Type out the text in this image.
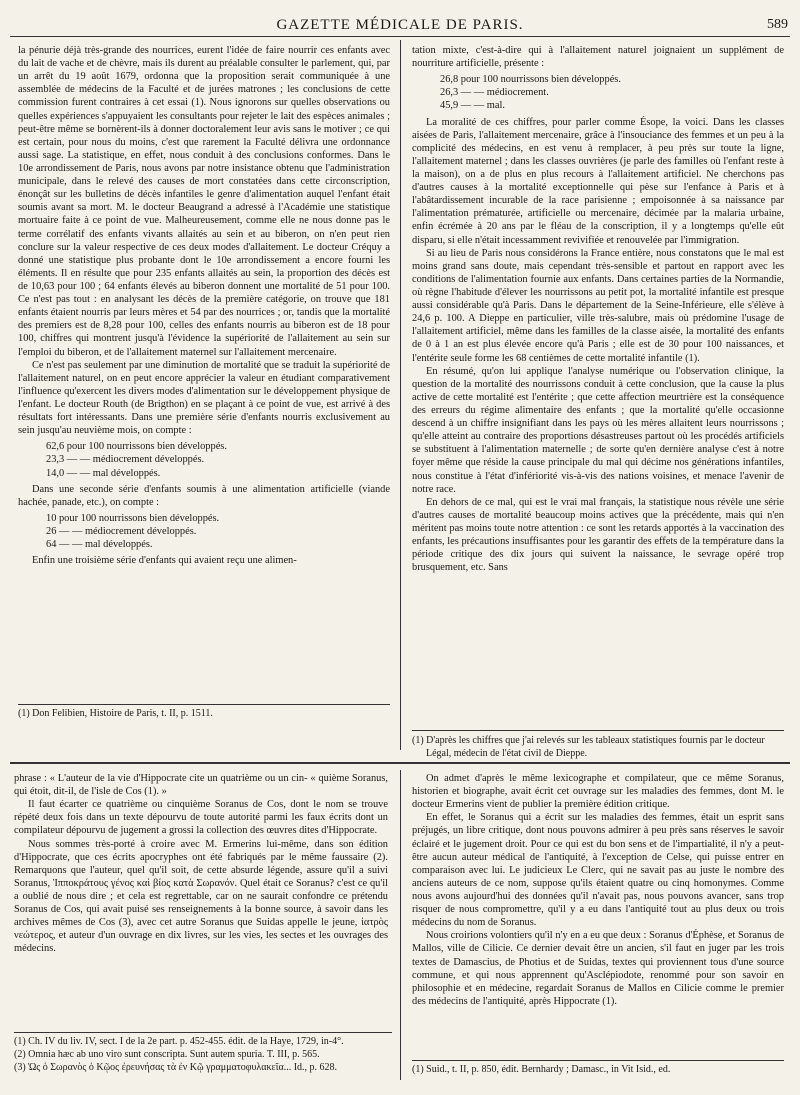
GAZETTE MÉDICALE DE PARIS.	589

la pénurie déjà très-grande des nourrices, eurent l'idée de faire nourrir ces enfants avec du lait de vache et de chèvre, mais ils durent au préalable consulter le parlement, qui, par un arrêt du 19 août 1679, ordonna que la proposition serait communiquée à une assemblée de médecins de la Faculté et de jurées matrones ; les conclusions de cette commission furent contraires à cet essai (1). Nous ignorons sur quelles observations ou quelles expériences s'appuyaient les consultants pour rejeter le lait des espèces animales ; peut-être même se bornèrent-ils à donner doctoralement leur avis sans le motiver ; ce qui est certain, pour nous du moins, c'est que rarement la Faculté délivra une ordonnance aussi sage. La statistique, en effet, nous conduit à des conclusions conformes. Dans le 10e arrondissement de Paris, nous avons par notre insistance obtenu que l'administration municipale, dans le relevé des causes de mort constatées dans cette circonscription, énonçât sur les bulletins de décès infantiles le genre d'alimentation auquel l'enfant était soumis avant sa mort. M. le docteur Beaugrand a adressé à l'Académie une statistique mortuaire faite à ce point de vue. Malheureusement, comme elle ne nous donne pas le terme corrélatif des enfants vivants allaités au sein et au biberon, on n'en peut rien conclure sur la valeur respective de ces deux modes d'allaitement. Le docteur Créquy a donné une statistique plus probante dont le 10e arrondissement a encore fourni les éléments. Il en résulte que pour 235 enfants allaités au sein, la proportion des décès est de 10,63 pour 100 ; 64 enfants élevés au biberon donnent une mortalité de 51 pour 100. Ce n'est pas tout : en analysant les décès de la première catégorie, on trouve que 181 enfants étaient nourris par leurs mères et 54 par des nourrices ; or, tandis que la mortalité des premiers est de 8,28 pour 100, celles des enfants nourris au biberon est de 18 pour 100, chiffres qui montrent jusqu'à l'évidence la supériorité de l'allaitement au sein sur l'emploi du biberon, et de l'allaitement maternel sur l'allaitement mercenaire.

Ce n'est pas seulement par une diminution de mortalité que se traduit la supériorité de l'allaitement naturel, on en peut encore apprécier la valeur en étudiant comparativement l'influence qu'exercent les divers modes d'alimentation sur le développement physique de l'enfant. Le docteur Routh (de Brigthon) en se plaçant à ce point de vue, est arrivé à des résultats fort intéressants. Dans une première série d'enfants nourris exclusivement au sein jusqu'au neuvième mois, on compte :

62,6 pour 100 nourrissons bien développés.
23,3 — — médiocrement développés.
14,0 — — mal développés.

Dans une seconde série d'enfants soumis à une alimentation artificielle (viande hachée, panade, etc.), on compte :

10 pour 100 nourrissons bien développés.
26 — — médiocrement développés.
64 — — mal développés.

Enfin une troisième série d'enfants qui avaient reçu une alimen-

tation mixte, c'est-à-dire qui à l'allaitement naturel joignaient un supplément de nourriture artificielle, présente :

26,8 pour 100 nourrissons bien développés.
26,3 — — médiocrement.
45,9 — — mal.

La moralité de ces chiffres, pour parler comme Ésope, la voici. Dans les classes aisées de Paris, l'allaitement mercenaire, grâce à l'insouciance des femmes et un peu à la complicité des médecins, en est venu à remplacer, à peu près sur toute la ligne, l'allaitement maternel ; dans les classes ouvrières (je parle des familles où l'enfant reste à la maison), on a de plus en plus recours à l'allaitement artificiel. Ne cherchons pas d'autres causes à la mortalité exceptionnelle qui pèse sur l'enfance à Paris et à l'abâtardissement incurable de la race parisienne ; empoisonnée à sa naissance par l'alimentation prématurée, artificielle ou mercenaire, décimée par la malaria urbaine, enfin écrémée à 20 ans par le fléau de la conscription, il y a longtemps qu'elle eût disparu, si elle n'était incessamment revivifiée et renouvelée par l'immigration.

Si au lieu de Paris nous considérons la France entière, nous constatons que le mal est moins grand sans doute, mais cependant très-sensible et partout en rapport avec les conditions de l'alimentation fournie aux enfants. Dans certaines parties de la Normandie, où règne l'habitude d'élever les nourrissons au petit pot, la mortalité infantile est presque aussi considérable qu'à Paris. Dans le département de la Seine-Inférieure, elle s'élève à 24,6 p. 100. A Dieppe en particulier, ville très-salubre, mais où prédomine l'usage de l'allaitement artificiel, même dans les familles de la classe aisée, la mortalité des enfants de 0 à 1 an est plus élevée encore qu'à Paris ; elle est de 30 pour 100 naissances, et l'entérite seule forme les 68 centièmes de cette mortalité infantile (1).

En résumé, qu'on lui applique l'analyse numérique ou l'observation clinique, la question de la mortalité des nourrissons conduit à cette conclusion, que la cause la plus active de cette mortalité est l'entérite ; que cette affection meurtrière est la conséquence des erreurs du régime alimentaire des enfants ; que la mortalité qu'elle occasionne descend à un chiffre insignifiant dans les pays où les mères allaitent leurs nourrissons ; qu'elle atteint au contraire des proportions désastreuses partout où les procédés artificiels se substituent à l'alimentation maternelle ; de sorte qu'en dernière analyse c'est à notre foyer même que réside la cause principale du mal qui décime nos générations infantiles, nous constitue à l'état d'infériorité vis-à-vis des nations voisines, et menace l'avenir de notre race.

En dehors de ce mal, qui est le vrai mal français, la statistique nous révèle une série d'autres causes de mortalité beaucoup moins actives que la précédente, mais qui n'en méritent pas moins toute notre attention : ce sont les retards apportés à la vaccination des enfants, les précautions insuffisantes pour les garantir des effets de la température dans la période critique des dix jours qui suivent la naissance, le sevrage opéré trop brusquement, etc. Sans

(1) Don Felibien, Histoire de Paris, t. II, p. 1511.

(1) D'après les chiffres que j'ai relevés sur les tableaux statistiques fournis par le docteur Légal, médecin de l'état civil de Dieppe.

phrase : « L'auteur de la vie d'Hippocrate cite un quatrième ou un cin- « quième Soranus, qui étoit, dit-il, de l'isle de Cos (1). »

Il faut écarter ce quatrième ou cinquième Soranus de Cos, dont le nom se trouve répété deux fois dans un texte dépourvu de toute autorité parmi les faux écrits dont un compilateur dépourvu de jugement a grossi la collection des œuvres dites d'Hippocrate.

Nous sommes très-porté à croire avec M. Ermerins lui-même, dans son édition d'Hippocrate, que ces écrits apocryphes ont été fabriqués par le même faussaire (2). Remarquons que l'auteur, quel qu'il soit, de cette absurde légende, assure qu'il a suivi Soranus, Ἱπποκράτους γένος καὶ βίος κατὰ Σωρανόν. Quel était ce Soranus? c'est ce qu'il a oublié de nous dire ; et cela est regrettable, car on ne saurait confondre ce prétendu Soranus de Cos, qui avait puisé ses renseignements à la bonne source, à savoir dans les archives mêmes de Cos (3), avec cet autre Soranus que Suidas appelle le jeune, ἰατρὸς νεώτερος, et auteur d'un ouvrage en dix livres, sur les vies, les sectes et les ouvrages des médecins.

On admet d'après le même lexicographe et compilateur, que ce même Soranus, historien et biographe, avait écrit cet ouvrage sur les maladies des femmes, dont M. le docteur Ermerins vient de publier la première édition critique.

En effet, le Soranus qui a écrit sur les maladies des femmes, était un esprit sans préjugés, un libre critique, dont nous pouvons admirer à peu près sans réserves le savoir éclairé et le jugement droit. Pour ce qui est du bon sens et de l'impartialité, il n'y a peut-être aucun auteur médical de l'antiquité, à l'exception de Celse, qui puisse entrer en comparaison avec lui. Le judicieux Le Clerc, qui ne savait pas au juste le nombre des anciens auteurs de ce nom, suppose qu'ils étaient quatre ou cinq homonymes. Comme nous avons aujourd'hui des données qu'il n'avait pas, nous pouvons avancer, sans trop risquer de nous compromettre, qu'il y a eu dans l'antiquité tout au plus deux ou trois médecins du nom de Soranus.

Nous croirions volontiers qu'il n'y en a eu que deux : Soranus d'Éphèse, et Soranus de Mallos, ville de Cilicie. Ce dernier devait être un ancien, s'il faut en juger par les trois textes de Damascius, de Photius et de Suidas, textes qui proviennent tous d'une source commune, et qui nous apprennent qu'Asclépiodote, renommé pour son savoir en philosophie et en médecine, regardait Soranus de Mallos en Cilicie comme le premier des médecins de l'antiquité, après Hippocrate (1).

(1) Ch. IV du liv. IV, sect. I de la 2e part. p. 452-455. édit. de la Haye, 1729, in-4°.

(2) Omnia hæc ab uno viro sunt conscripta. Sunt autem spuria. T. III, p. 565.

(3) Ὡς ὁ Σωρανὸς ὁ Κῷος ἐρευνήσας τὰ ἐν Κῷ γραμματοφυλακεῖα... Id., p. 628.	(1) Suid., t. II, p. 850, édit. Bernhardy ; Damasc., in Vit Isid., ed.
